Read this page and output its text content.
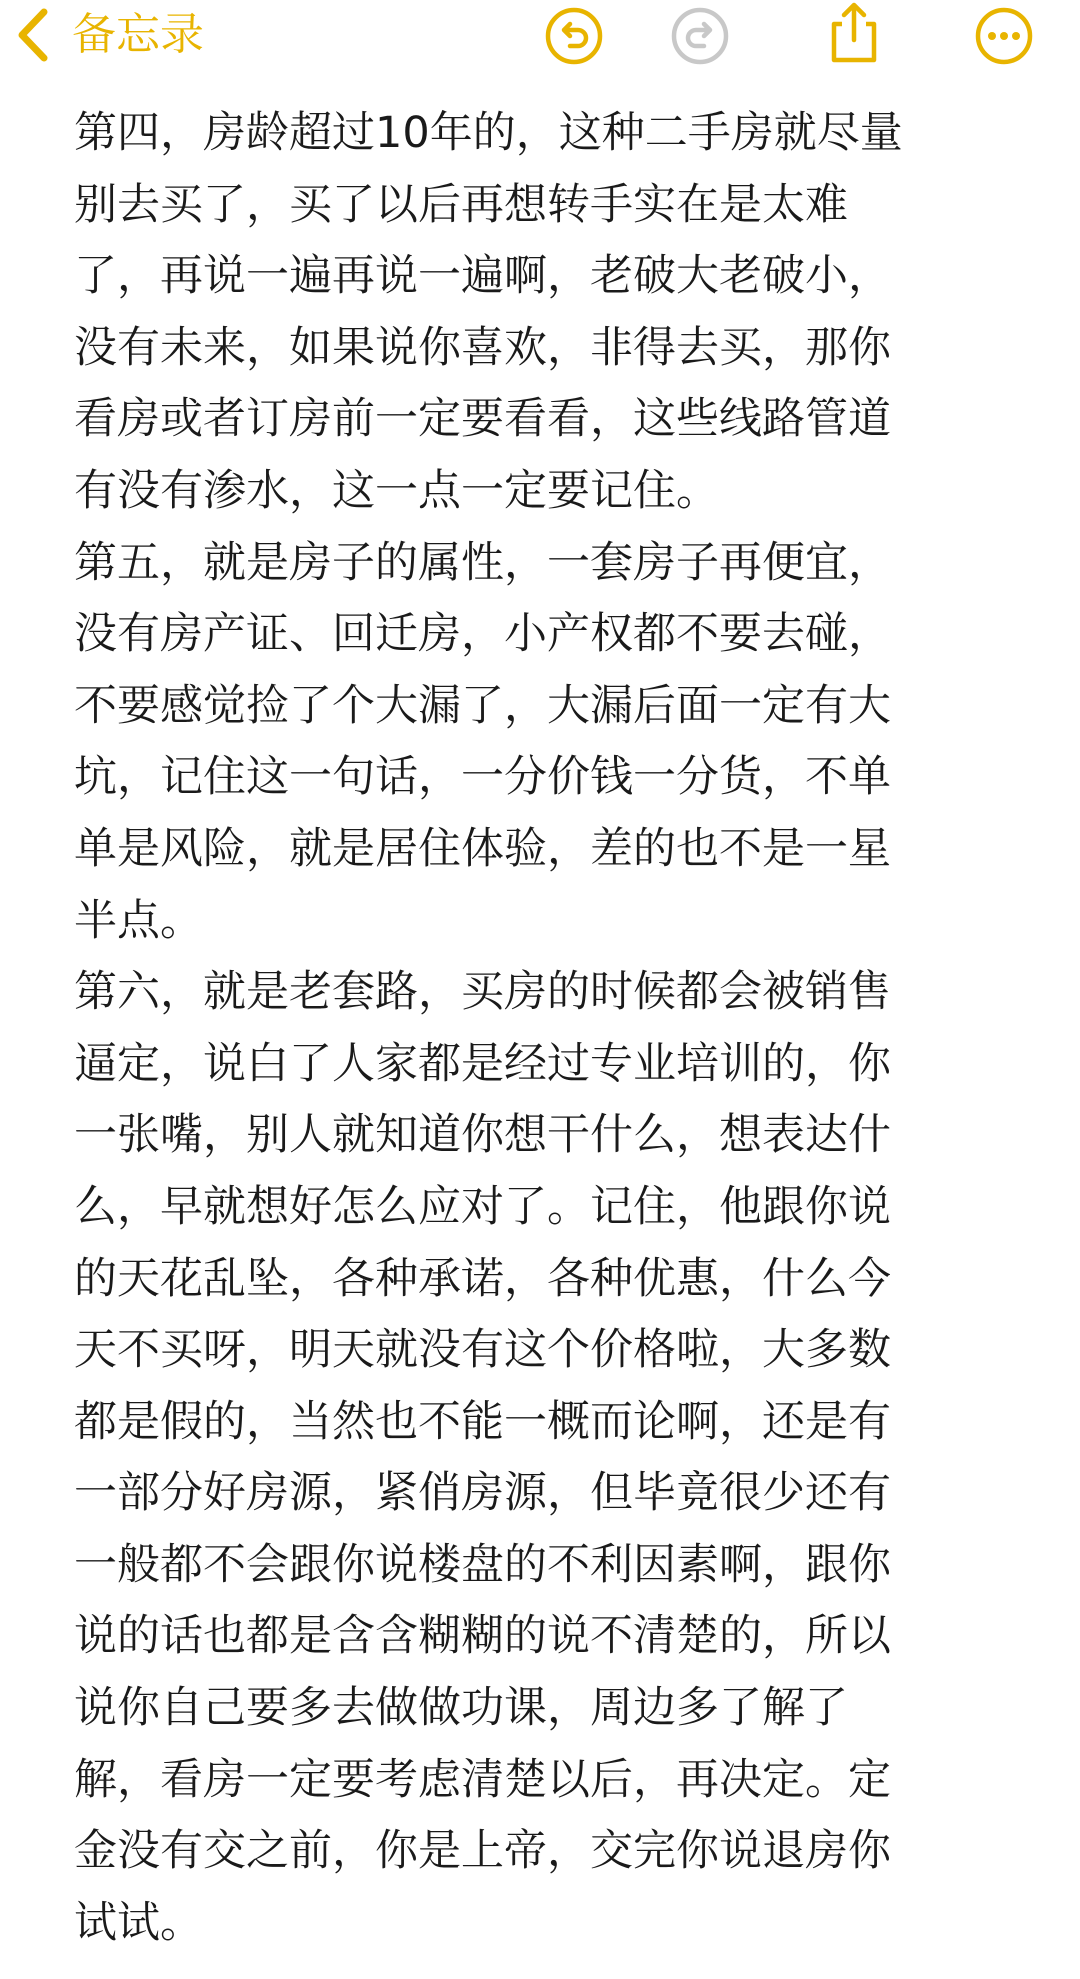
备忘录
第四，房龄超过10年的，这种二手房就尽量
别去买了，买了以后再想转手实在是太难
了，再说一遍再说一遍啊，老破大老破小，
没有未来，如果说你喜欢，非得去买，那你
看房或者订房前一定要看看，这些线路管道
有没有渗水，这一点一定要记住。
第五，就是房子的属性，一套房子再便宜，
没有房产证、回迁房，小产权都不要去碰，
不要感觉捡了个大漏了，大漏后面一定有大
坑，记住这一句话，一分价钱一分货，不单
单是风险，就是居住体验，差的也不是一星
半点。
第六，就是老套路，买房的时候都会被销售
逼定，说白了人家都是经过专业培训的，你
一张嘴，别人就知道你想干什么，想表达什
么，早就想好怎么应对了。记住，他跟你说
的天花乱坠，各种承诺，各种优惠，什么今
天不买呀，明天就没有这个价格啦，大多数
都是假的，当然也不能一概而论啊，还是有
一部分好房源，紧俏房源，但毕竟很少还有
一般都不会跟你说楼盘的不利因素啊，跟你
说的话也都是含含糊糊的说不清楚的，所以
说你自己要多去做做功课，周边多了解了
解，看房一定要考虑清楚以后，再决定。定
金没有交之前，你是上帝，交完你说退房你
试试。
